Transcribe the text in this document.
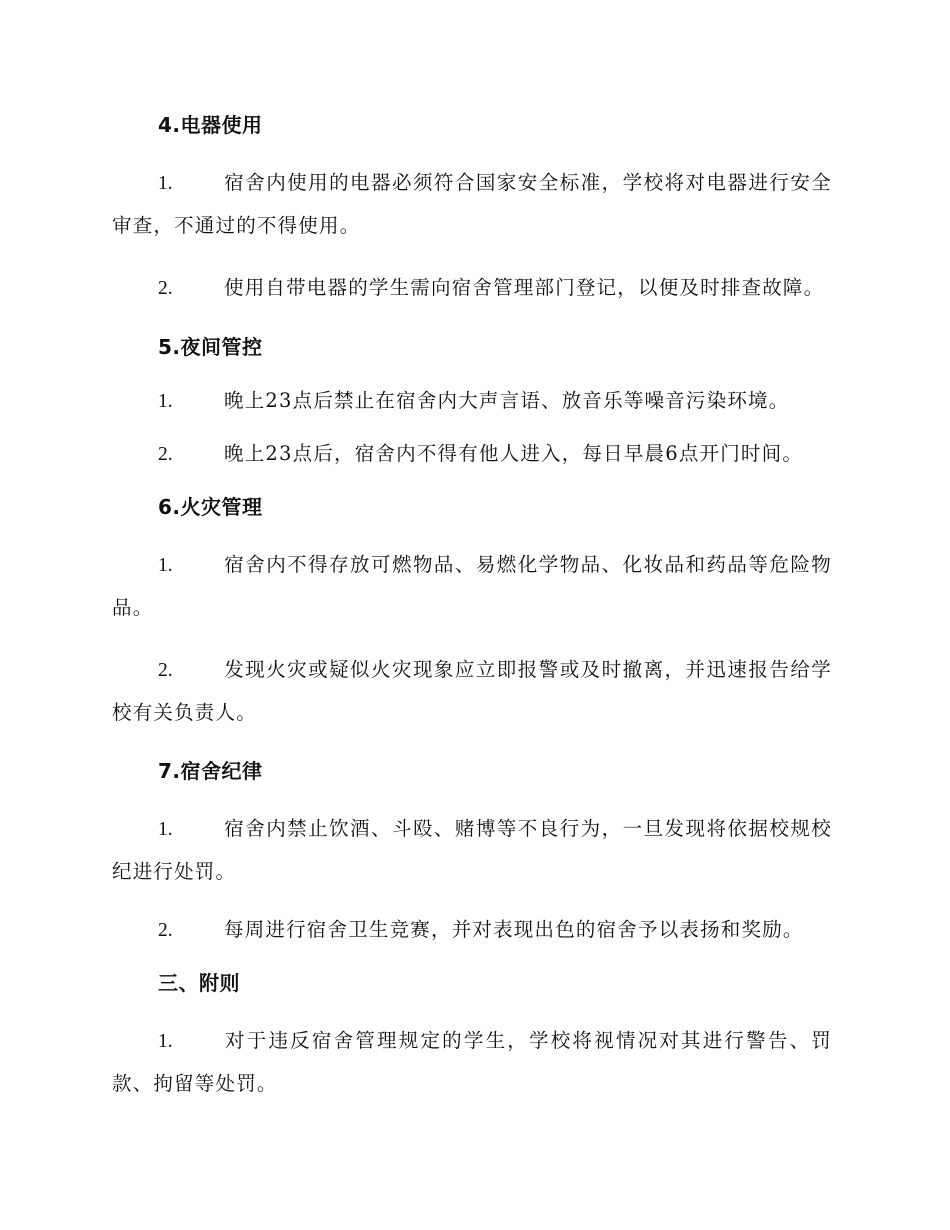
4.电器使用

1.	宿舍内使用的电器必须符合国家安全标准，学校将对电器进行安全审查，不通过的不得使用。

2.	使用自带电器的学生需向宿舍管理部门登记，以便及时排查故障。

5.夜间管控

1.	晚上23点后禁止在宿舍内大声言语、放音乐等噪音污染环境。

2.	晚上23点后，宿舍内不得有他人进入，每日早晨6点开门时间。

6.火灾管理

1.	宿舍内不得存放可燃物品、易燃化学物品、化妆品和药品等危险物品。

2.	发现火灾或疑似火灾现象应立即报警或及时撤离，并迅速报告给学校有关负责人。

7.宿舍纪律

1.	宿舍内禁止饮酒、斗殴、赌博等不良行为，一旦发现将依据校规校纪进行处罚。

2.	每周进行宿舍卫生竞赛，并对表现出色的宿舍予以表扬和奖励。

三、附则

1.	对于违反宿舍管理规定的学生，学校将视情况对其进行警告、罚款、拘留等处罚。
